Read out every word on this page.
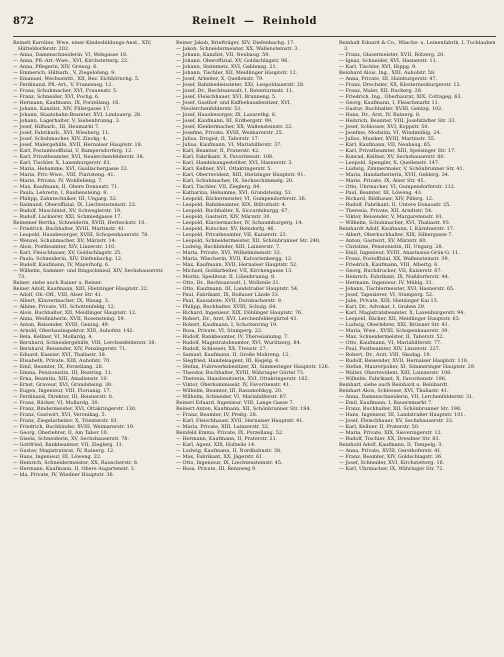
872	Reinelt — Reinhold

Reinelt Karoline, Wwe. einer Kindesbildungs-Anst., XIV, Hütteldorferstr. 202.

— Anna, Damenschneiderin, VI, Webgasse 18.

— Anna, Pfl.-Art.-Wwe., XVI, Kirchstetterg. 22.

— Anna, Pflegerin, XIV, Grenzg. 6.

— Emmerich, Hilfsarb., V, Ziegelofeng. 9.

— Emanuel, Wechselsttl., XII, Bez. Eichhörnchg. 5.

— Ferdinand, Pfl.-Art., V, Franzensg. 12.

— Franz, Schuhmacher, XVI, Frauenstr. 5.

— Franz, Schneider, XVI, Pochg. 6.

— Hermann, Kaufmann, IX, Porzellang. 16.

— Johann, Kanzlist, XIV, Pillergasse 17.

— Johann, Staatsbahn-Beamter, XVI, Lindauerg. 28.

— Johann, Lagerhalter, V, Siebenbrunng. 3.

— Josef, Hilfsarb., III, Heumarkt 7.

— Josef, Fabrikarb., XVI, Wiesberg. 11.

— Josef, Schuhmacher, XIV, Zinckg. 4.

— Josef, Malergehilfe, XVII, Hernalser Hauptstr. 18.

— Karl, Postamtsoffizial, V, Rampersdorferg. 12.

— Karl, Privatbeamter, XVI, Neulerchenfelderstr. 38.

— Karl, Tischler, X, Laxenburgerstr. 61.

— Maria, Hebamme, XVI, Gaullachergasse 32.

— Maria, Priv.-Wwe., VIII, Piaristeng. 41.

— Marie, Private, IV, Wohllebeng. 7.

— Max, Kaufmann, II, Obere Donaustr. 71.

— Paula, Lehrerin, I, Rauhensteing. 8.

— Philipp, Zahntechniker, III, Ungarg. 52.

— Raimund, Oberoffizial, IX, Liechtensteinstr. 23.

— Rudolf, Maschinist, XV, Schweglerstr. 19.

— Rudolf, Lackierer, XXI, Schmiedgasse 17.

Reinemer Bertha, Schneiderin, XVIII, Herbeckstr. 10.

— Friedrich, Buchhalter, XVIII, Martinstr. 41.

— Leopold, Hausbesorger, XVIII, Schopenhauerstr. 78.

— Wenzel, Schuhmacher, XV, Märzstr. 14.

— Alois, Postbeamter, XIV, Linzerstr. 110.

— Karl, Fleischhauer, XV, Goldschlagstr. 25.

— Paula, Schneiderin, XIV, Diefenbachg. 12.

— Rudolf, Kaufmann, IV, Mayerhofg. 6.

— Wilhelm, Sammer- und Ringschmied, XIV, Sechshauserstr. 73.

Reiner, siehe auch Rainer u. Reiner.

Reiner Adolf, Kaufmann, XIII, Hietzinger Hauptstr. 22.

— Adolf, Ob.-Off., VIII, Alser Str. 41.

— Albert, Klaviermacher, IX, Wasag. 3.

— Albine, Private, VII, Schottenfeldg. 12.

— Alois, Buchhalter, XII, Meidlinger Hauptstr. 12.

— Anna, Weißnäherin, XVII, Rosensteing. 59.

— Anton, Reisender, XVIII, Gentzg. 49.

— Arnold, Oberbauinspektor, XIII, Auhofstr. 142.

— Bela, Kellner, VI, Mollardg. 4.

— Bernhard, Schneidergehilfe, VIII, Lerchenfelderstr. 38.

— Bernhard, Reisender, XIV, Penzingerstr. 71.

— Eduard, Kassier, XVI, Thaliastr. 38.

— Elisabeth, Private, XIII, Auhofstr. 70.

— Emil, Beamter, IX, Porzellang. 28.

— Emma, Pensionistin, III, Beatrixg. 11.

— Erna, Beamtin, XIII, Amalienstr. 10.

— Ernst, Graveur, XVI, Grundsteing. 30.

— Eugen, Ingenieur, VIII, Florianig. 17.

— Ferdinand, Direktor, III, Reisnerstr. 8.

— Franz, Bäcker, VI, Mollardg. 30.

— Franz, Bindermeister, XVI, Ottakringerstr. 130.

— Franz, Gastwirt, XVI, Veronikag. 5.

— Franz, Ziegelarbeiter, X, Triesterstr. 81.

— Friedrich, Buchbinder, XVIII, Weimarerstr. 19.

— Georg, Oberlehrer, II, Am Tabor 10.

— Gisela, Schneiderin, XV, Sechshauserstr. 78.

— Gottfried, Bankbeamter, VII, Zieglerg. 11.

— Gustav, Magistratsrat, IV, Rainerg. 12.

— Hans, Ingenieur, III, Löweng. 22.

— Heinrich, Schneidermeister, XX, Rauscherstr. 8.

— Hermann, Kaufmann, II, Obere Augartenstr. 3.

— Ida, Private, IV, Wiedner Hauptstr. 36.

Reiner Jakob, Briefträger, XIV, Diefenbachg. 17.

— Jakob, Schneidermeister, XX, Wallensteinstr. 3.

— Johann, Kanzlist, VII, Neubaug. 59.

— Johann, Oberoffizial, XV, Goldschlagstr. 96.

— Johann, Steinmetz, XVI, Gablenzg. 21.

— Johann, Tischler, XII, Meidlinger Hauptstr. 12.

— Josef, Arbeiter, X, Quellenstr. 79.

— Josef, Bahnbediensteter, XXI, Leopoldauerstr. 28.

— Josef, Dr., Rechtsanwalt, I, Rotenturmstr. 11.

— Josef, Fleischhauer, XVI, Brunneng. 5.

— Josef, Gasthof- und Kaffeehausbesitzer, XVI, Neulerchenfelderstr. 53.

— Josef, Hausbesorger, IX, Lazarethg. 6.

— Josef, Kaufmann, III, Erdbergstr. 99.

— Josef, Kleidermacher, XX, Wallensteinstr. 22.

— Josefine, Private, XVIII, Weimarerstr. 25.

— Julius, Drogist, II, Taborstr. 17.

— Julius, Kaufmann, VI, Mariahilferstr. 37.

— Karl, Beamter, II, Praterstr. 42.

— Karl, Fabrikant, X, Favoritenstr. 108.

— Karl, Handelsangestellter, XVI, Hasnerstr. 3.

— Karl, Kellner, XVI, Ottakringerstr. 5.

— Karl, Oberrevident, XIII, Hietzinger Hauptstr. 91.

— Karl, Schuhmacher, IX, Sechsschimmelg. 20.

— Karl, Tischler, VII, Zieglerg. 84.

— Katharina, Hebamme, XVI, Grundsteing. 51.

— Leopold, Bäckermeister, VI, Gumpendorferstr. 36.

— Leopold, Bahnbeamter, XIX, Billrothstr. 4.

— Leopold, Buchhalter, X, Siccardsburgg. 67.

— Leopold, Gastwirt, XIV, Märzstr. 30.

— Leopold, Klaviermacher, IV, Schaumburgerg. 14.

— Leopold, Kutscher, XV, Reindorfg. 46.

— Leopold, Privatbeamter, VII, Kaiserstr. 23.

— Leopold, Schneidermeister, XII, Schönbrunner Str. 240.

— Ludwig, Buchbinder, XIII, Lainzerstr. 7.

— Maria, Private, XVI, Wilhelminenstr. 32.

— Maria, Wäscherin, XVII, Kalvarienbergg. 12.

— Max, Kaufmann, XVII, Hernalser Hauptstr. 52.

— Michael, Goldarbeiter, VII, Kirchengasse 13.

— Moritz, Spediteur, II, Lilienbrunng. 8.

— Otto, Dr., Rechtsanwalt, I, Wollzeile 31.

— Otto, Kaufmann, III, Landstraßer Hauptstr. 54.

— Paul, Fabrikant, IX, Roßauer Lände 33.

— Paul, Kassabote, XVII, Dornbacherstr. 9.

— Philipp, Buchhalter, XVIII, Schulg. 64.

— Richard, Ingenieur, XIX, Döblinger Hauptstr. 76.

— Robert, Dr., Arzt, XVI, Lerchenfeldergürtel 43.

— Robert, Kaufmann, I, Schottenring 19.

— Rosa, Private, VI, Stumperg. 22.

— Rudolf, Bankbeamter, IV, Theresianumg. 7.

— Rudolf, Magistratsbeamter, XVI, Wurlitzerg. 84.

— Rudolf, Schlosser, XX, Treustr. 27.

— Samuel, Kaufmann, II, Große Mohreng. 12.

— Siegfried, Handelsagent, III, Kegelg. 4.

— Stefan, Fuhrwerksbesitzer, XI, Simmeringer Hauptstr. 126.

— Theodor, Buchhalter, XVIII, Währinger Gürtel 73.

— Theresia, Hausbesitzerin, XVI, Ottakringerstr. 162.

— Viktor, Oberkommissär, IV, Favoritenstr. 41.

— Wilhelm, Beamter, III, Rasumofskyg. 20.

— Wilhelm, Schneider, VI, Mariahilferstr. 87.

Reineri Eduard, Ingenieur, VIII, Lange Gasse 7.

Reinert Anton, Kaufmann, XII, Schönbrunner Str. 184.

— Franz, Beamter, IV, Preßg. 28.

— Karl, Fleischhauer, XVII, Hernalser Hauptstr. 41.

— Maria, Private, XIII, Lainzerstr. 32.

Reinfeld Emma, Private, IX, Porzellang. 52.

— Hermann, Kaufmann, II, Praterstr. 21.

— Karl, Agent, XIX, Hofzeile 14.

— Ludwig, Kaufmann, II, Nordbahnstr. 38.

— Max, Fabrikant, XX, Jägerstr. 61.

— Otto, Ingenieur, IX, Liechtensteinstr. 45.

— Rosa, Private, III, Rennweg 9.

Reinhalt Eduard & Co., Wäsche- u. Leinenfabrik, I, Tuchlauben 3.

— Franz, Glasermeister, XVII, Rötzerg. 20.

— Ignaz, Schneider, XVI, Hasnerstr. 11.

— Karl, Tischler, XVI, Hippg. 9.

Reinhard Alois, Ing., XIII, Auhofstr. 58.

— Anna, Private, III, Hainburgerstr. 47.

— Franz, Drechsler, XX, Klosterneuburgerstr. 12.

— Franz, Maler, XII, Ruckerg. 28.

— Friedrich, Ing., Oberbaurat, XIX, Cottageg. 63.

— Georg, Kaufmann, I, Fleischmarkt 11.

— Gustav, Buchhalter, XVIII, Gentzg. 102.

— Hans, Dr., Arzt, IV, Rainerg. 8.

— Heinrich, Beamter, VIII, Josefstädter Str. 33.

— Josef, Schlosser, XVI, Koppstr. 50.

— Josefine, Modistin, VI, Windmühlg. 24.

— Julius, Musiker, XVIII, Martinstr. 55.

— Karl, Kaufmann, VII, Neubaug. 65.

— Karl, Privatbeamter, XIII, Speisinger Str. 17.

— Konrad, Kellner, XV, Sechshauserstr. 80.

— Leopold, Spengler, X, Quellenstr. 147.

— Ludwig, Zimmermaler, V, Schönbrunner Str. 41.

— Maria, Handarbeiterin, XVII, Geblerg. 34.

— Marie, Private, IX, Alser Str. 45.

— Otto, Uhrmacher, VI, Gumpendorferstr. 112.

— Paul, Beamter, III, Löweng. 43.

— Richard, Bildhauer, XIV, Pillerg. 12.

— Rudolf, Fabrikant, II, Untere Donaustr. 25.

— Theresia, Private, XII, Arndtstr. 54.

— Viktor, Reisender, V, Margaretenstr. 91.

— Wilhelm, Schuhmacher, XVI, Thaliastr. 93.

Reinhardt Adolf, Kaufmann, I, Kärntnerstr. 17.

— Albert, Oberbuchhalter, XIX, Silbergasse 7.

— Anton, Gastwirt, XV, Märzstr. 60.

— Christine, Pensionistin, III, Ungarg. 28.

— Emil, Ingenieur, XVIII, Anastasius-Grün-G. 11.

— Franz, Postoffizial, XX, Wallensteinstr. 39.

— Friedrich, Kaufmann, VIII, Albertg. 6.

— Georg, Buchdrucker, VII, Kaiserstr. 67.

— Heinrich, Fabrikant, IX, Nußdorferstr. 44.

— Hermann, Ingenieur, IV, Mühlg. 31.

— Johann, Tischlermeister, XVI, Hasnerstr. 65.

— Josef, Tapezierer, VI, Stumperg. 52.

— Julie, Private, XIII, Hietzinger Kai 13.

— Karl, Dr., Advokat, I, Graben 29.

— Karl, Magistratsbeamter, X, Laxenburgerstr. 94.

— Leopold, Bäcker, XII, Meidlinger Hauptstr. 63.

— Ludwig, Oberlehrer, XXI, Brünner Str. 41.

— Maria, Wwe., XVIII, Schopenhauerstr. 39.

— Max, Schneidermeister, II, Taborstr. 52.

— Otto, Kaufmann, VI, Mariahilferstr. 77.

— Paul, Postbeamter, XIV, Linzerstr. 227.

— Robert, Dr., Arzt, VIII, Skodag. 19.

— Rudolf, Reisender, XVII, Hernalser Hauptstr. 118.

— Stefan, Maurerpolier, XI, Simmeringer Hauptstr. 29.

— Walter, Oberrevident, XIII, Lainzerstr. 108.

— Wilhelm, Fabrikant, X, Favoritenstr. 196.

Reinhart, siehe auch Reinhard u. Reinhardt.

Reinhart Alois, Schlosser, XVI, Thaliastr. 41.

— Anna, Damenschneiderin, VII, Lerchenfelderstr. 31.

— Emil, Kaufmann, I, Bauernmarkt 7.

— Franz, Buchhalter, XII, Schönbrunner Str. 198.

— Hans, Ingenieur, III, Landstraßer Hauptstr. 101.

— Josef, Fleischhauer, XV, Sechshauserstr. 33.

— Karl, Kellner, II, Praterstr. 50.

— Maria, Private, XIX, Sieveringerstr. 12.

— Rudolf, Tischler, XX, Dresdner Str. 83.

Reinhold Adolf, Kaufmann, II, Tempelg. 3.

— Anna, Private, XVIII, Gersthoferstr. 41.

— Franz, Beamter, XIV, Goldschlagstr. 36.

— Josef, Schneider, XVI, Kirchstetterg. 16.

— Karl, Uhrmacher, IX, Währinger Str. 72.
